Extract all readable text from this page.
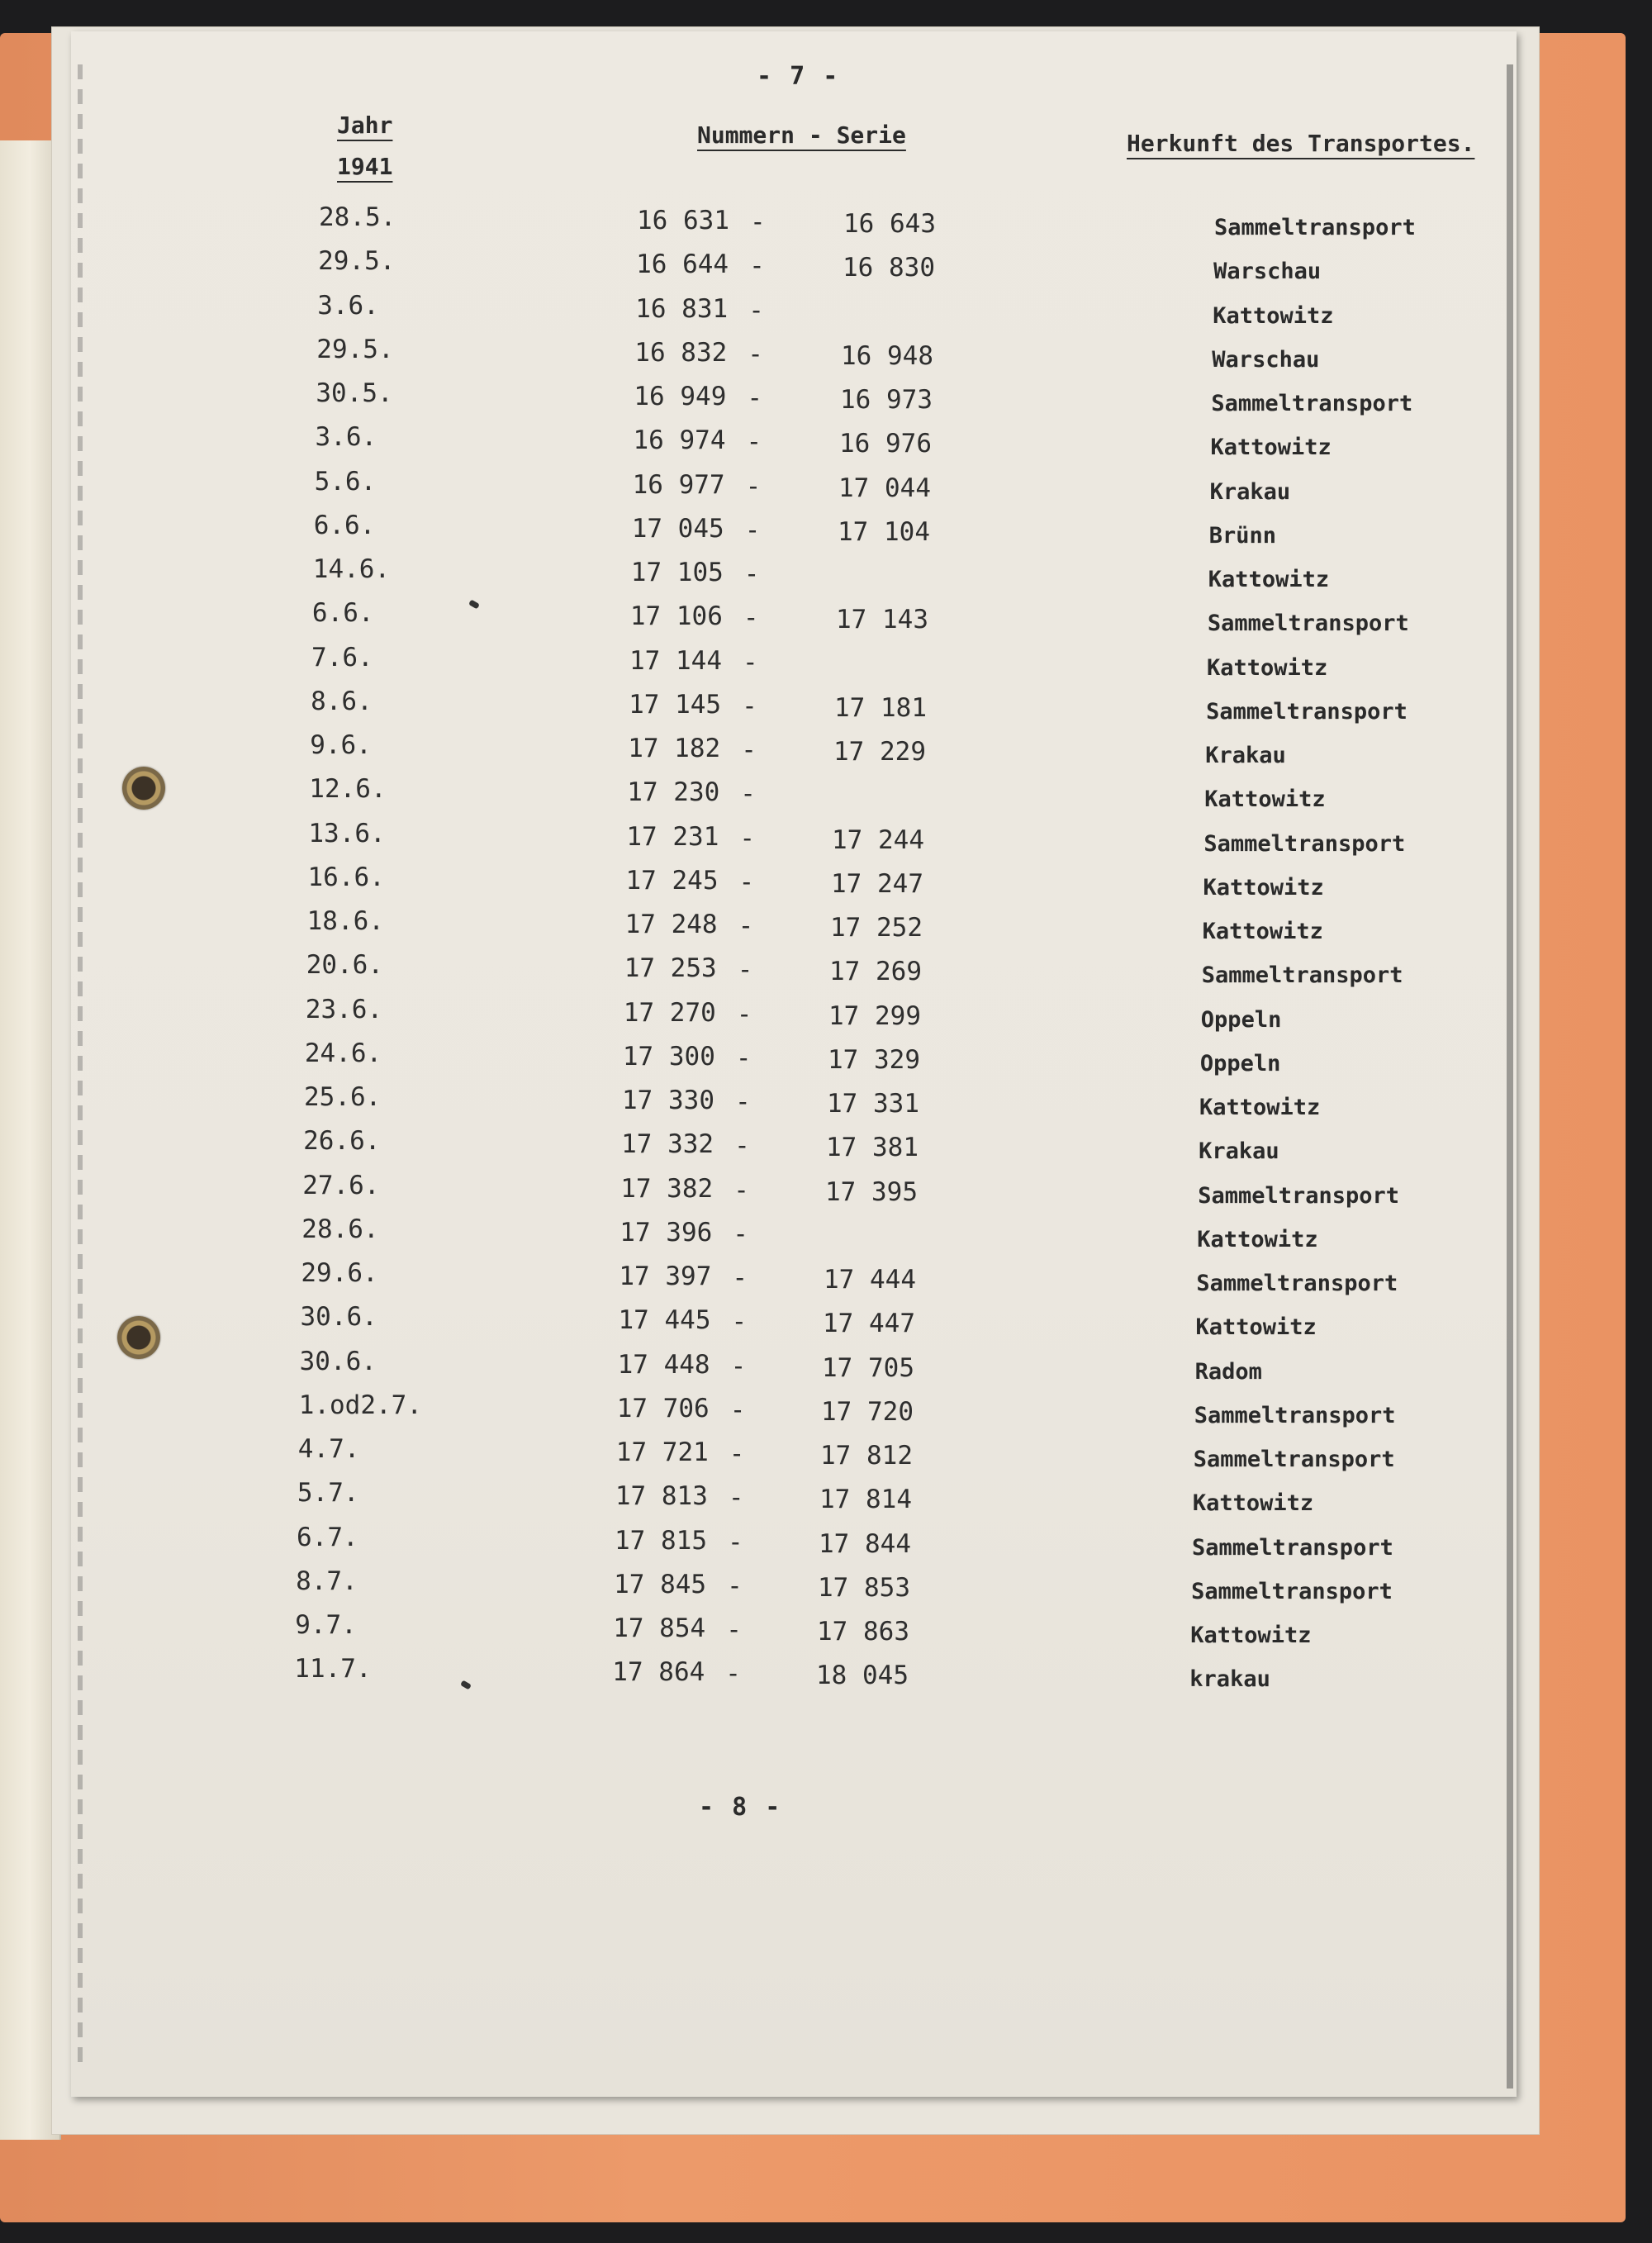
- 7 -
Jahr
1941
Nummern - Serie	Herkunft des Transportes.
28.5.	16 631 -	16 643	Sammeltransport
29.5.	16 644 -	16 830	Warschau
3.6.	16 831 -	Kattowitz
29.5.	16 832 -	16 948	Warschau
30.5.	16 949 -	16 973	Sammeltransport
3.6.	16 974 -	16 976	Kattowitz
5.6.	16 977 -	17 044	Krakau
6.6.	17 045 -	17 104	Brünn
14.6.	17 105 -	Kattowitz
6.6.	17 106 -	17 143	Sammeltransport
7.6.	17 144 -	Kattowitz
8.6.	17 145 -	17 181	Sammeltransport
9.6.	17 182 -	17 229	Krakau
12.6.	17 230 -	Kattowitz
13.6.	17 231 -	17 244	Sammeltransport
16.6.	17 245 -	17 247	Kattowitz
18.6.	17 248 -	17 252	Kattowitz
20.6.	17 253 -	17 269	Sammeltransport
23.6.	17 270 -	17 299	Oppeln
24.6.	17 300 -	17 329	Oppeln
25.6.	17 330 -	17 331	Kattowitz
26.6.	17 332 -	17 381	Krakau
27.6.	17 382 -	17 395	Sammeltransport
28.6.	17 396 -	Kattowitz
29.6.	17 397 -	17 444	Sammeltransport
30.6.	17 445 -	17 447	Kattowitz
30.6.	17 448 -	17 705	Radom
1.od2.7.	17 706 -	17 720	Sammeltransport
4.7.	17 721 -	17 812	Sammeltransport
5.7.	17 813 -	17 814	Kattowitz
6.7.	17 815 -	17 844	Sammeltransport
8.7.	17 845 -	17 853	Sammeltransport
9.7.	17 854 -	17 863	Kattowitz
11.7.	17 864 -	18 045	krakau
- 8 -
